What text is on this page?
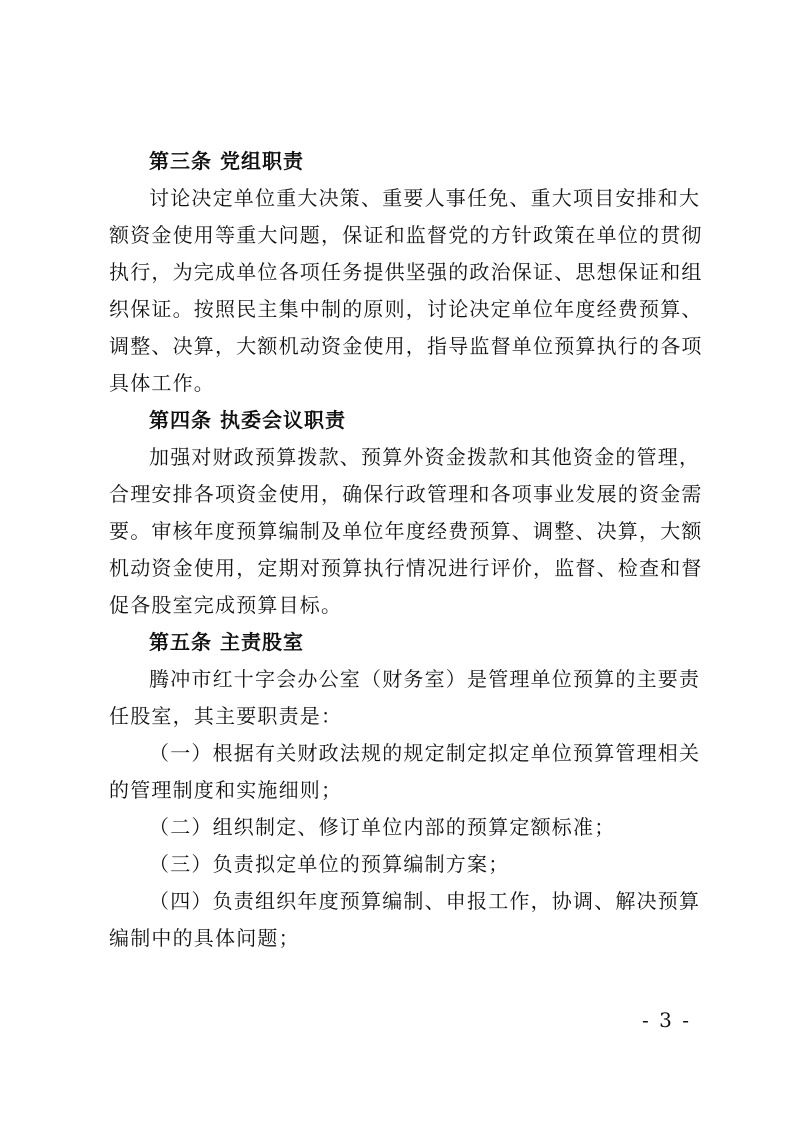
第三条 党组职责
讨论决定单位重大决策、重要人事任免、重大项目安排和大
额资金使用等重大问题，保证和监督党的方针政策在单位的贯彻
执行，为完成单位各项任务提供坚强的政治保证、思想保证和组
织保证。按照民主集中制的原则，讨论决定单位年度经费预算、
调整、决算，大额机动资金使用，指导监督单位预算执行的各项
具体工作。
第四条 执委会议职责
加强对财政预算拨款、预算外资金拨款和其他资金的管理，
合理安排各项资金使用，确保行政管理和各项事业发展的资金需
要。审核年度预算编制及单位年度经费预算、调整、决算，大额
机动资金使用，定期对预算执行情况进行评价，监督、检查和督
促各股室完成预算目标。
第五条 主责股室
腾冲市红十字会办公室（财务室）是管理单位预算的主要责
任股室，其主要职责是：
（一）根据有关财政法规的规定制定拟定单位预算管理相关
的管理制度和实施细则；
（二）组织制定、修订单位内部的预算定额标准；
（三）负责拟定单位的预算编制方案；
（四）负责组织年度预算编制、申报工作，协调、解决预算
编制中的具体问题；
- 3 -
